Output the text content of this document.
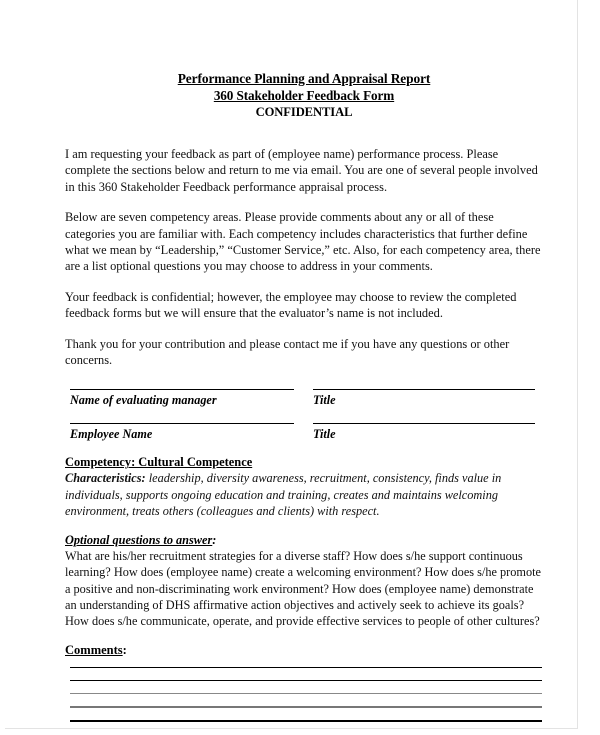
Performance Planning and Appraisal Report
360 Stakeholder Feedback Form
CONFIDENTIAL
I am requesting your feedback as part of (employee name) performance process. Please complete the sections below and return to me via email. You are one of several people involved in this 360 Stakeholder Feedback performance appraisal process.
Below are seven competency areas. Please provide comments about any or all of these categories you are familiar with. Each competency includes characteristics that further define what we mean by “Leadership,” “Customer Service,” etc. Also, for each competency area, there are a list optional questions you may choose to address in your comments.
Your feedback is confidential; however, the employee may choose to review the completed feedback forms but we will ensure that the evaluator’s name is not included.
Thank you for your contribution and please contact me if you have any questions or other concerns.
Name of evaluating manager	Title
Employee Name	Title
Competency: Cultural Competence
Characteristics: leadership, diversity awareness, recruitment, consistency, finds value in individuals, supports ongoing education and training, creates and maintains welcoming environment, treats others (colleagues and clients) with respect.
Optional questions to answer:
What are his/her recruitment strategies for a diverse staff? How does s/he support continuous learning? How does (employee name) create a welcoming environment? How does s/he promote a positive and non-discriminating work environment? How does (employee name) demonstrate an understanding of DHS affirmative action objectives and actively seek to achieve its goals? How does s/he communicate, operate, and provide effective services to people of other cultures?
Comments:
